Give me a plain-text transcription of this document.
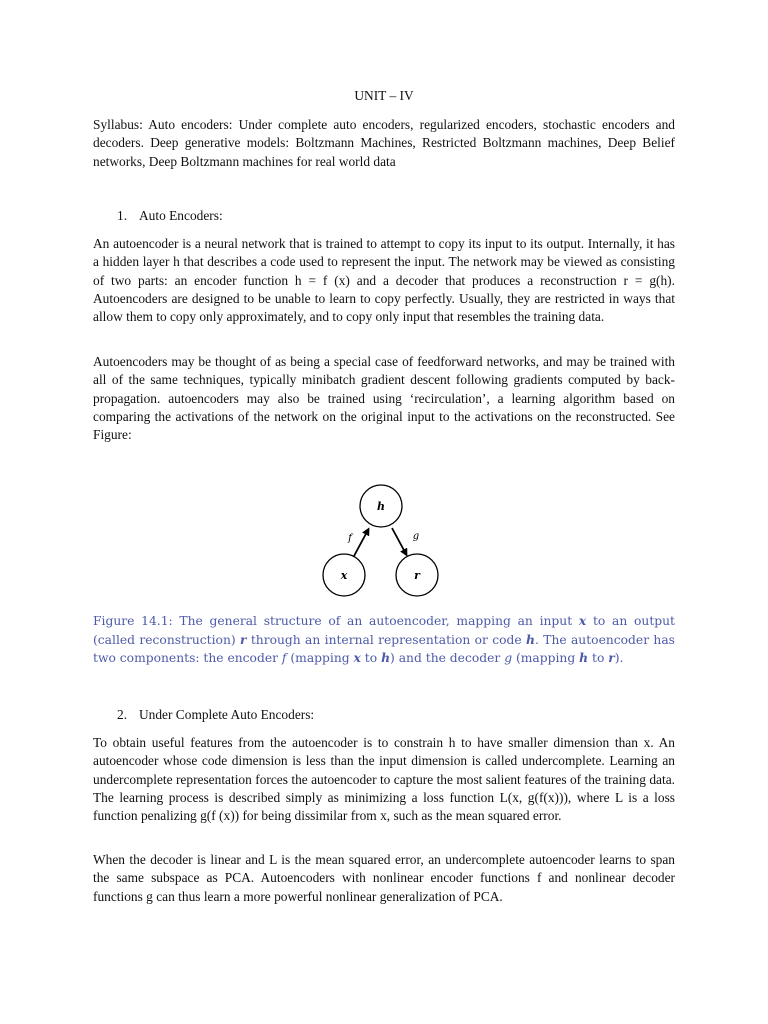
UNIT – IV

Syllabus: Auto encoders: Under complete auto encoders, regularized encoders, stochastic encoders and decoders. Deep generative models: Boltzmann Machines, Restricted Boltzmann machines, Deep Belief networks, Deep Boltzmann machines for real world data

1. Auto Encoders:

An autoencoder is a neural network that is trained to attempt to copy its input to its output. Internally, it has a hidden layer h that describes a code used to represent the input. The network may be viewed as consisting of two parts: an encoder function h = f (x) and a decoder that produces a reconstruction r = g(h). Autoencoders are designed to be unable to learn to copy perfectly. Usually, they are restricted in ways that allow them to copy only approximately, and to copy only input that resembles the training data.

Autoencoders may be thought of as being a special case of feedforward networks, and may be trained with all of the same techniques, typically minibatch gradient descent following gradients computed by back-propagation. autoencoders may also be trained using ‘recirculation’, a learning algorithm based on comparing the activations of the network on the original input to the activations on the reconstructed. See Figure:

h
x	r
f	g

Figure 14.1: The general structure of an autoencoder, mapping an input x to an output (called reconstruction) r through an internal representation or code h. The autoencoder has two components: the encoder f (mapping x to h) and the decoder g (mapping h to r).

2. Under Complete Auto Encoders:

To obtain useful features from the autoencoder is to constrain h to have smaller dimension than x. An autoencoder whose code dimension is less than the input dimension is called undercomplete. Learning an undercomplete representation forces the autoencoder to capture the most salient features of the training data. The learning process is described simply as minimizing a loss function L(x, g(f(x))), where L is a loss function penalizing g(f (x)) for being dissimilar from x, such as the mean squared error.

When the decoder is linear and L is the mean squared error, an undercomplete autoencoder learns to span the same subspace as PCA. Autoencoders with nonlinear encoder functions f and nonlinear decoder functions g can thus learn a more powerful nonlinear generalization of PCA.
